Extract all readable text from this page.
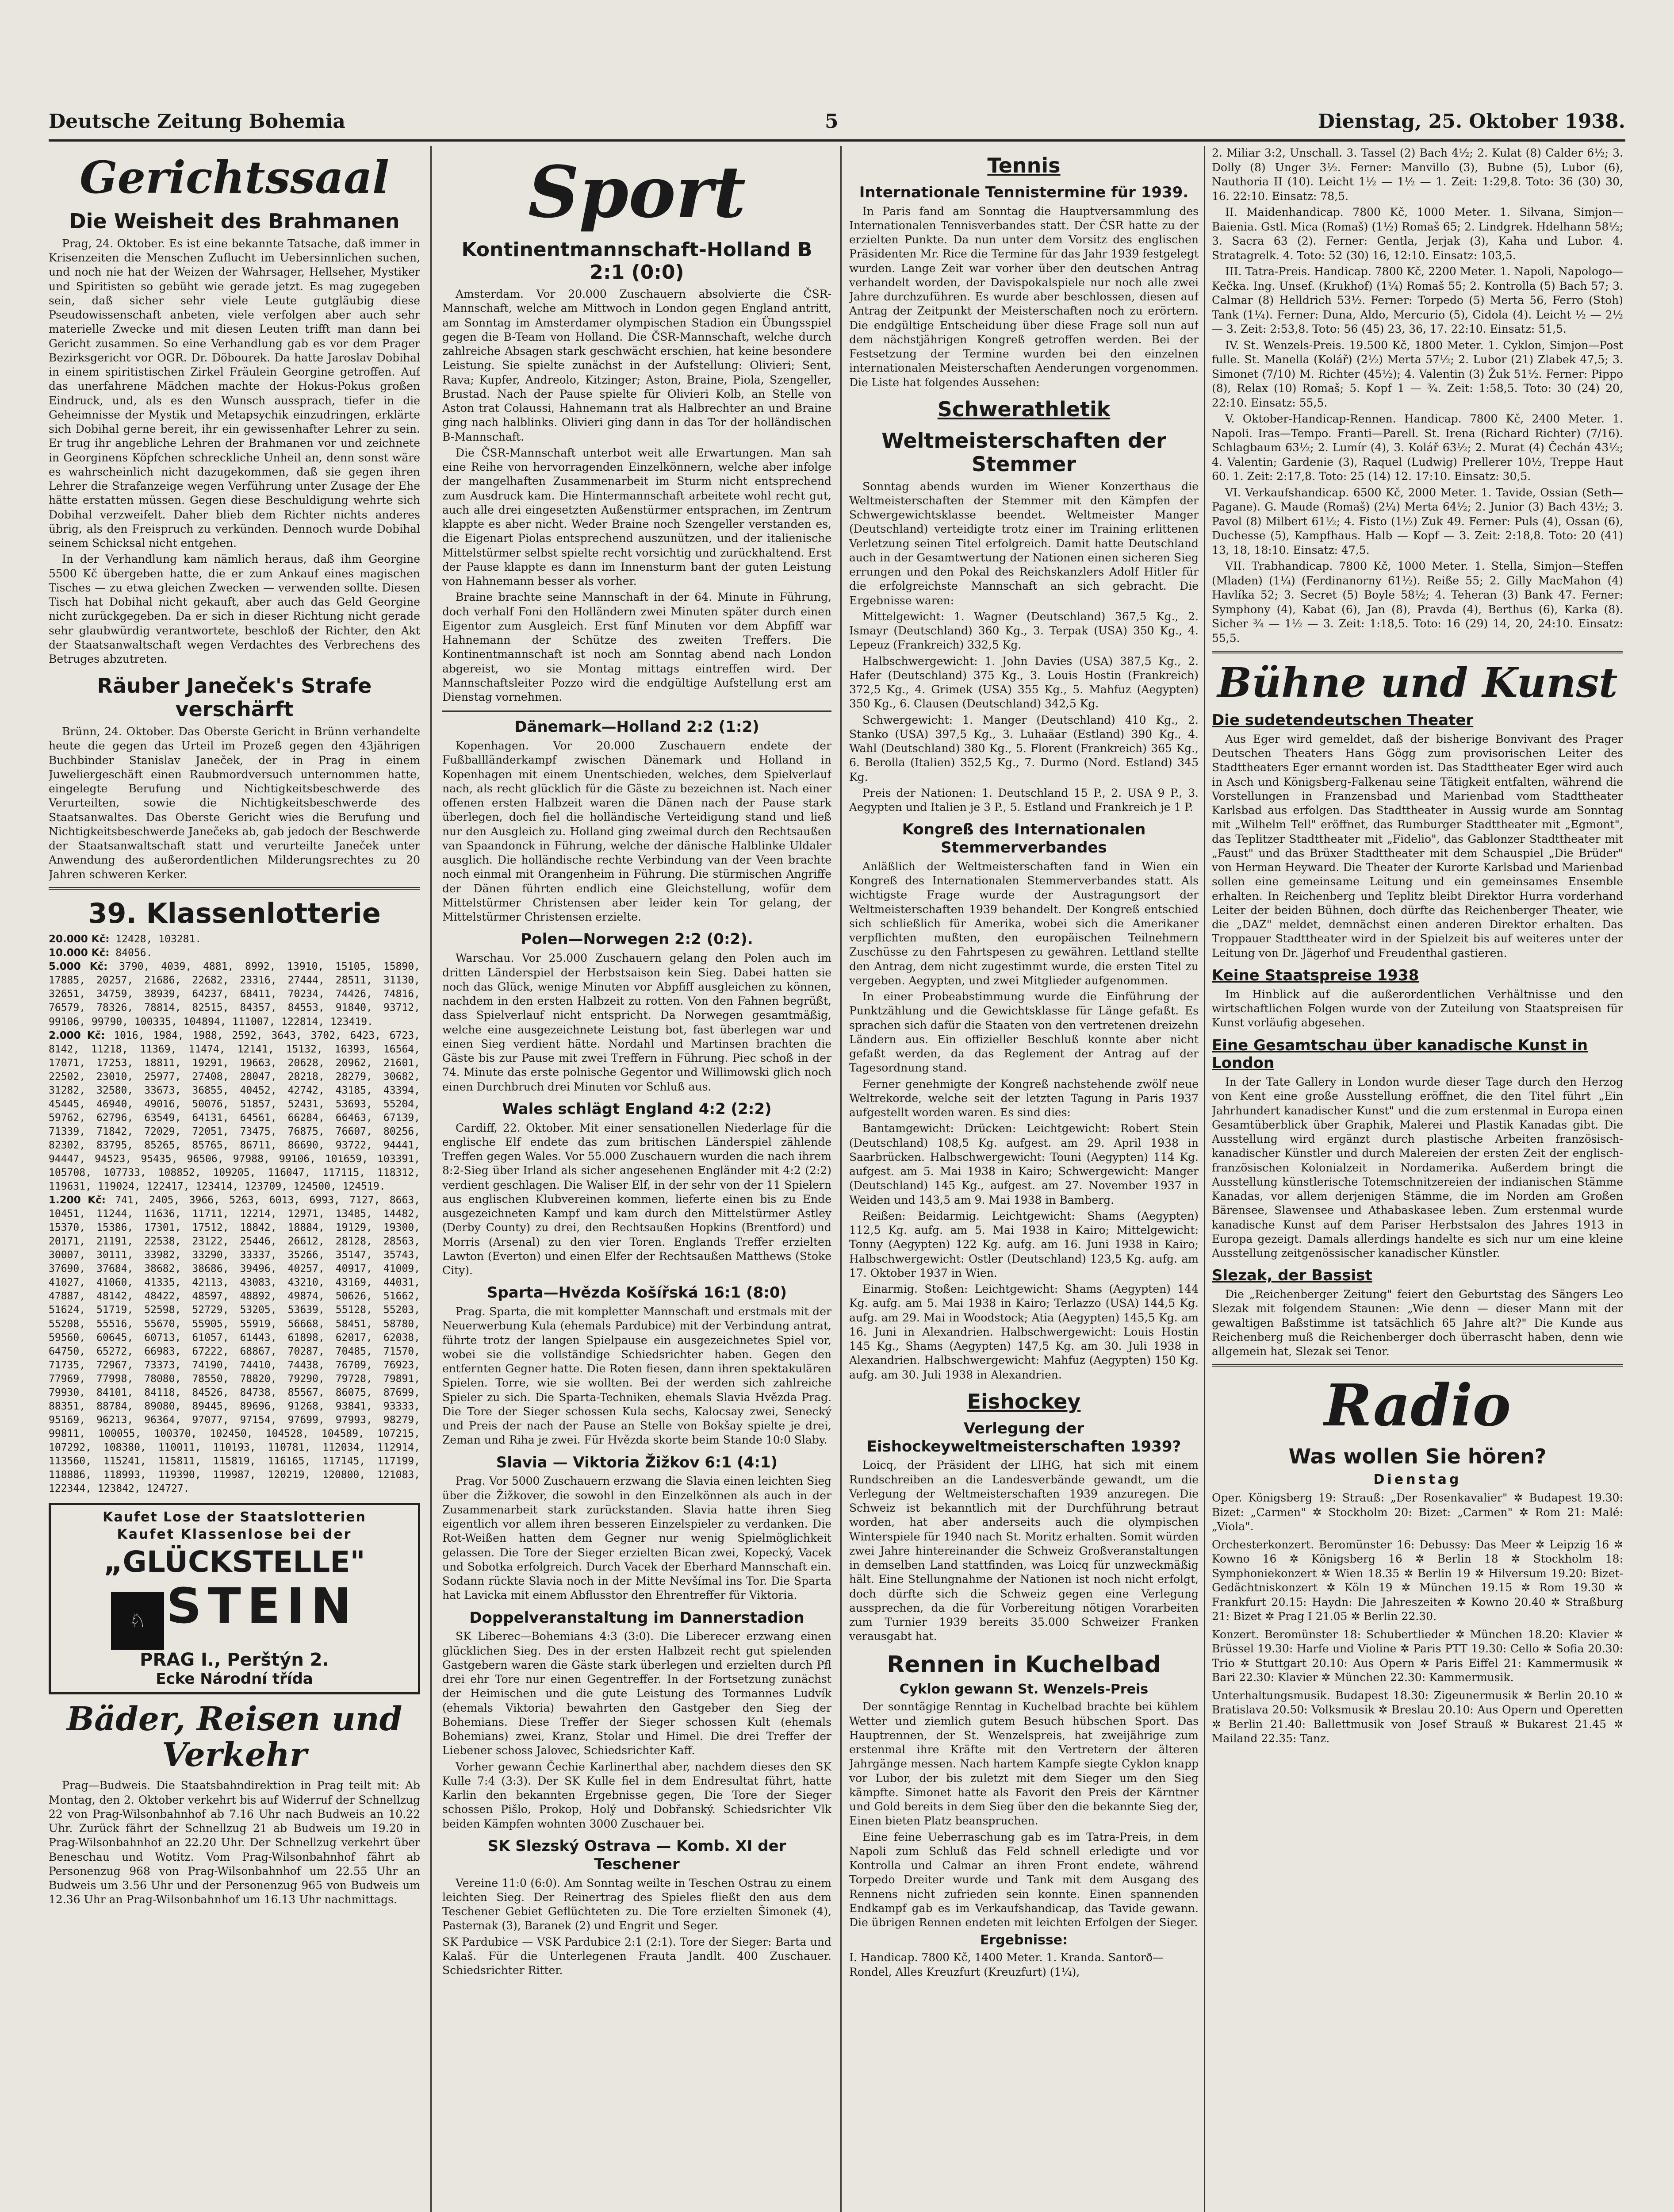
Deutsche Zeitung Bohemia	5	Dienstag, 25. Oktober 1938.
Gerichtssaal
Die Weisheit des Brahmanen

Prag, 24. Oktober. Es ist eine bekannte Tatsache, daß immer in Krisenzeiten die Menschen Zuflucht im Uebersinnlichen suchen, und noch nie hat der Weizen der Wahrsager, Hellseher, Mystiker und Spiritisten so gebüht wie gerade jetzt. Es mag zugegeben sein, daß sicher sehr viele Leute gutgläubig diese Pseudowissenschaft anbeten, viele verfolgen aber auch sehr materielle Zwecke und mit diesen Leuten trifft man dann bei Gericht zusammen. So eine Verhandlung gab es vor dem Prager Bezirksgericht vor OGR. Dr. Döbourek. Da hatte Jaroslav Dobihal in einem spiritistischen Zirkel Fräulein Georgine getroffen. Auf das unerfahrene Mädchen machte der Hokus-Pokus großen Eindruck, und, als es den Wunsch aussprach, tiefer in die Geheimnisse der Mystik und Metapsychik einzudringen, erklärte sich Dobihal gerne bereit, ihr ein gewissenhafter Lehrer zu sein. Er trug ihr angebliche Lehren der Brahmanen vor und zeichnete in Georginens Köpfchen schreckliche Unheil an, denn sonst wäre es wahrscheinlich nicht dazugekommen, daß sie gegen ihren Lehrer die Strafanzeige wegen Verführung unter Zusage der Ehe hätte erstatten müssen. Gegen diese Beschuldigung wehrte sich Dobihal verzweifelt. Daher blieb dem Richter nichts anderes übrig, als den Freispruch zu verkünden. Dennoch wurde Dobihal seinem Schicksal nicht entgehen.

In der Verhandlung kam nämlich heraus, daß ihm Georgine 5500 Kč übergeben hatte, die er zum Ankauf eines magischen Tisches — zu etwa gleichen Zwecken — verwenden sollte. Diesen Tisch hat Dobihal nicht gekauft, aber auch das Geld Georgine nicht zurückgegeben. Da er sich in dieser Richtung nicht gerade sehr glaubwürdig verantwortete, beschloß der Richter, den Akt der Staatsanwaltschaft wegen Verdachtes des Verbrechens des Betruges abzutreten.

Räuber Janeček's Strafe verschärft

Brünn, 24. Oktober. Das Oberste Gericht in Brünn verhandelte heute die gegen das Urteil im Prozeß gegen den 43jährigen Buchbinder Stanislav Janeček, der in Prag in einem Juweliergeschäft einen Raubmordversuch unternommen hatte, eingelegte Berufung und Nichtigkeitsbeschwerde des Verurteilten, sowie die Nichtigkeitsbeschwerde des Staatsanwaltes. Das Oberste Gericht wies die Berufung und Nichtigkeitsbeschwerde Janečeks ab, gab jedoch der Beschwerde der Staatsanwaltschaft statt und verurteilte Janeček unter Anwendung des außerordentlichen Milderungsrechtes zu 20 Jahren schweren Kerker.

39. Klassenlotterie
20.000 Kč: 12428, 103281.
10.000 Kč: 84056.
5.000 Kč: 3790, 4039, 4881, 8992, 13910, 15105, 15890, 17885, 20257, 21686, 22682, 23316, 27444, 28511, 31130, 32651, 34759, 38939, 64237, 68411, 70234, 74426, 74816, 76579, 78326, 78814, 82515, 84357, 84553, 91840, 93712, 99106, 99790, 100335, 104894, 111007, 122814, 123419.
2.000 Kč: 1016, 1984, 1988, 2592, 3643, 3702, 6423, 6723, 8142, 11218, 11369, 11474, 12141, 15132, 16393, 16564, 17071, 17253, 18811, 19291, 19663, 20628, 20962, 21601, 22502, 23010, 25977, 27408, 28047, 28218, 28279, 30682, 31282, 32580, 33673, 36855, 40452, 42742, 43185, 43394, 45445, 46940, 49016, 50076, 51857, 52431, 53693, 55204, 59762, 62796, 63549, 64131, 64561, 66284, 66463, 67139, 71339, 71842, 72029, 72051, 73475, 76875, 76607, 80256, 82302, 83795, 85265, 85765, 86711, 86690, 93722, 94441, 94447, 94523, 95435, 96506, 97988, 99106, 101659, 103391, 105708, 107733, 108852, 109205, 116047, 117115, 118312, 119631, 119024, 122417, 123414, 123709, 124500, 124519.
1.200 Kč: 741, 2405, 3966, 5263, 6013, 6993, 7127, 8663, 10451, 11244, 11636, 11711, 12214, 12971, 13485, 14482, 15370, 15386, 17301, 17512, 18842, 18884, 19129, 19300, 20171, 21191, 22538, 23122, 25446, 26612, 28128, 28563, 30007, 30111, 33982, 33290, 33337, 35266, 35147, 35743, 37690, 37684, 38682, 38686, 39496, 40257, 40917, 41009, 41027, 41060, 41335, 42113, 43083, 43210, 43169, 44031, 47887, 48142, 48422, 48597, 48892, 49874, 50626, 51662, 51624, 51719, 52598, 52729, 53205, 53639, 55128, 55203, 55208, 55516, 55670, 55905, 55919, 56668, 58451, 58780, 59560, 60645, 60713, 61057, 61443, 61898, 62017, 62038, 64750, 65272, 66983, 67222, 68867, 70287, 70485, 71570, 71735, 72967, 73373, 74190, 74410, 74438, 76709, 76923, 77969, 77998, 78080, 78550, 78820, 79290, 79728, 79891, 79930, 84101, 84118, 84526, 84738, 85567, 86075, 87699, 88351, 88784, 89080, 89445, 89696, 91268, 93841, 93333, 95169, 96213, 96364, 97077, 97154, 97699, 97993, 98279, 99811, 100055, 100370, 102450, 104528, 104589, 107215, 107292, 108380, 110011, 110193, 110781, 112034, 112914, 113560, 115241, 115811, 115819, 116165, 117145, 117199, 118886, 118993, 119390, 119987, 120219, 120800, 121083, 122344, 123842, 124727.
Kaufet Lose der Staatslotterien
Kaufet Klassenlose bei der
„GLÜCKSTELLE"
♘ STEIN
PRAG I., Perštýn 2.
Ecke Národní třída
Bäder, Reisen und Verkehr

Prag—Budweis. Die Staatsbahndirektion in Prag teilt mit: Ab Montag, den 2. Oktober verkehrt bis auf Widerruf der Schnellzug 22 von Prag-Wilsonbahnhof ab 7.16 Uhr nach Budweis an 10.22 Uhr. Zurück fährt der Schnellzug 21 ab Budweis um 19.20 in Prag-Wilsonbahnhof an 22.20 Uhr. Der Schnellzug verkehrt über Beneschau und Wotitz. Vom Prag-Wilsonbahnhof fährt ab Personenzug 968 von Prag-Wilsonbahnhof um 22.55 Uhr an Budweis um 3.56 Uhr und der Personenzug 965 von Budweis um 12.36 Uhr an Prag-Wilsonbahnhof um 16.13 Uhr nachmittags.

Sport
Kontinentmannschaft-Holland B 2:1 (0:0)

Amsterdam. Vor 20.000 Zuschauern absolvierte die ČSR-Mannschaft, welche am Mittwoch in London gegen England antritt, am Sonntag im Amsterdamer olympischen Stadion ein Übungsspiel gegen die B-Team von Holland. Die ČSR-Mannschaft, welche durch zahlreiche Absagen stark geschwächt erschien, hat keine besondere Leistung. Sie spielte zunächst in der Aufstellung: Olivieri; Sent, Rava; Kupfer, Andreolo, Kitzinger; Aston, Braine, Piola, Szengeller, Brustad. Nach der Pause spielte für Olivieri Kolb, an Stelle von Aston trat Colaussi, Hahnemann trat als Halbrechter an und Braine ging nach halblinks. Olivieri ging dann in das Tor der holländischen B-Mannschaft.

Die ČSR-Mannschaft unterbot weit alle Erwartungen. Man sah eine Reihe von hervorragenden Einzelkönnern, welche aber infolge der mangelhaften Zusammenarbeit im Sturm nicht entsprechend zum Ausdruck kam. Die Hintermannschaft arbeitete wohl recht gut, auch alle drei eingesetzten Außenstürmer entsprachen, im Zentrum klappte es aber nicht. Weder Braine noch Szengeller verstanden es, die Eigenart Piolas entsprechend auszunützen, und der italienische Mittelstürmer selbst spielte recht vorsichtig und zurückhaltend. Erst der Pause klappte es dann im Innensturm bant der guten Leistung von Hahnemann besser als vorher.

Braine brachte seine Mannschaft in der 64. Minute in Führung, doch verhalf Foni den Holländern zwei Minuten später durch einen Eigentor zum Ausgleich. Erst fünf Minuten vor dem Abpfiff war Hahnemann der Schütze des zweiten Treffers. Die Kontinentmannschaft ist noch am Sonntag abend nach London abgereist, wo sie Montag mittags eintreffen wird. Der Mannschaftsleiter Pozzo wird die endgültige Aufstellung erst am Dienstag vornehmen.

Dänemark—Holland 2:2 (1:2)

Kopenhagen. Vor 20.000 Zuschauern endete der Fußballländerkampf zwischen Dänemark und Holland in Kopenhagen mit einem Unentschieden, welches, dem Spielverlauf nach, als recht glücklich für die Gäste zu bezeichnen ist. Nach einer offenen ersten Halbzeit waren die Dänen nach der Pause stark überlegen, doch fiel die holländische Verteidigung stand und ließ nur den Ausgleich zu. Holland ging zweimal durch den Rechtsaußen van Spaandonck in Führung, welche der dänische Halblinke Uldaler ausglich. Die holländische rechte Verbindung van der Veen brachte noch einmal mit Orangenheim in Führung. Die stürmischen Angriffe der Dänen führten endlich eine Gleichstellung, wofür dem Mittelstürmer Christensen aber leider kein Tor gelang, der Mittelstürmer Christensen erzielte.

Polen—Norwegen 2:2 (0:2).

Warschau. Vor 25.000 Zuschauern gelang den Polen auch im dritten Länderspiel der Herbstsaison kein Sieg. Dabei hatten sie noch das Glück, wenige Minuten vor Abpfiff ausgleichen zu können, nachdem in den ersten Halbzeit zu rotten. Von den Fahnen begrüßt, dass Spielverlauf nicht entspricht. Da Norwegen gesamtmäßig, welche eine ausgezeichnete Leistung bot, fast überlegen war und einen Sieg verdient hätte. Nordahl und Martinsen brachten die Gäste bis zur Pause mit zwei Treffern in Führung. Piec schoß in der 74. Minute das erste polnische Gegentor und Willimowski glich noch einen Durchbruch drei Minuten vor Schluß aus.

Wales schlägt England 4:2 (2:2)

Cardiff, 22. Oktober. Mit einer sensationellen Niederlage für die englische Elf endete das zum britischen Länderspiel zählende Treffen gegen Wales. Vor 55.000 Zuschauern wurden die nach ihrem 8:2-Sieg über Irland als sicher angesehenen Engländer mit 4:2 (2:2) verdient geschlagen. Die Waliser Elf, in der sehr von der 11 Spielern aus englischen Klubvereinen kommen, lieferte einen bis zu Ende ausgezeichneten Kampf und kam durch den Mittelstürmer Astley (Derby County) zu drei, den Rechtsaußen Hopkins (Brentford) und Morris (Arsenal) zu den vier Toren. Englands Treffer erzielten Lawton (Everton) und einen Elfer der Rechtsaußen Matthews (Stoke City).

Sparta—Hvězda Košířská 16:1 (8:0)

Prag. Sparta, die mit kompletter Mannschaft und erstmals mit der Neuerwerbung Kula (ehemals Pardubice) mit der Verbindung antrat, führte trotz der langen Spielpause ein ausgezeichnetes Spiel vor, wobei sie die vollständige Schiedsrichter haben. Gegen den entfernten Gegner hatte. Die Roten fiesen, dann ihren spektakulären Spielen. Torre, wie sie wollten. Bei der werden sich zahlreiche Spieler zu sich. Die Sparta-Techniken, ehemals Slavia Hvězda Prag. Die Tore der Sieger schossen Kula sechs, Kalocsay zwei, Senecký und Preis der nach der Pause an Stelle von Bokšay spielte je drei, Zeman und Riha je zwei. Für Hvězda skorte beim Stande 10:0 Slaby.

Slavia — Viktoria Žižkov 6:1 (4:1)

Prag. Vor 5000 Zuschauern erzwang die Slavia einen leichten Sieg über die Žižkover, die sowohl in den Einzelkönnen als auch in der Zusammenarbeit stark zurückstanden. Slavia hatte ihren Sieg eigentlich vor allem ihren besseren Einzelspieler zu verdanken. Die Rot-Weißen hatten dem Gegner nur wenig Spielmöglichkeit gelassen. Die Tore der Sieger erzielten Bican zwei, Kopecký, Vacek und Sobotka erfolgreich. Durch Vacek der Eberhard Mannschaft ein. Sodann rückte Slavia noch in der Mitte Nevšímal ins Tor. Die Sparta hat Lavicka mit einem Abflusstor den Ehrentreffer für Viktoria.

Doppelveranstaltung im Dannerstadion

SK Liberec—Bohemians 4:3 (3:0). Die Liberecer erzwang einen glücklichen Sieg. Des in der ersten Halbzeit recht gut spielenden Gastgebern waren die Gäste stark überlegen und erzielten durch Pfl drei ehr Tore nur einen Gegentreffer. In der Fortsetzung zunächst der Heimischen und die gute Leistung des Tormannes Ludvík (ehemals Viktoria) bewahrten den Gastgeber den Sieg der Bohemians. Diese Treffer der Sieger schossen Kult (ehemals Bohemians) zwei, Kranz, Stolar und Himel. Die drei Treffer der Liebener schoss Jalovec, Schiedsrichter Kaff.

Vorher gewann Čechie Karlinerthal aber, nachdem dieses den SK Kulle 7:4 (3:3). Der SK Kulle fiel in dem Endresultat führt, hatte Karlin den bekannten Ergebnisse gegen, Die Tore der Sieger schossen Pišlo, Prokop, Holý und Dobřanský. Schiedsrichter Vlk beiden Kämpfen wohnten 3000 Zuschauer bei.

SK Slezský Ostrava — Komb. XI der Teschener

Vereine 11:0 (6:0). Am Sonntag weilte in Teschen Ostrau zu einem leichten Sieg. Der Reinertrag des Spieles fließt den aus dem Teschener Gebiet Geflüchteten zu. Die Tore erzielten Šimonek (4), Pasternak (3), Baranek (2) und Engrit und Seger.

SK Pardubice — VSK Pardubice 2:1 (2:1). Tore der Sieger: Barta und Kalaš. Für die Unterlegenen Frauta Jandlt. 400 Zuschauer. Schiedsrichter Ritter.

Tennis
Internationale Tennistermine für 1939.

In Paris fand am Sonntag die Hauptversammlung des Internationalen Tennisverbandes statt. Der ČSR hatte zu der erzielten Punkte. Da nun unter dem Vorsitz des englischen Präsidenten Mr. Rice die Termine für das Jahr 1939 festgelegt wurden. Lange Zeit war vorher über den deutschen Antrag verhandelt worden, der Davispokalspiele nur noch alle zwei Jahre durchzuführen. Es wurde aber beschlossen, diesen auf Antrag der Zeitpunkt der Meisterschaften noch zu erörtern. Die endgültige Entscheidung über diese Frage soll nun auf dem nächstjährigen Kongreß getroffen werden. Bei der Festsetzung der Termine wurden bei den einzelnen internationalen Meisterschaften Aenderungen vorgenommen. Die Liste hat folgendes Aussehen:

Schwerathletik
Weltmeisterschaften der Stemmer

Sonntag abends wurden im Wiener Konzerthaus die Weltmeisterschaften der Stemmer mit den Kämpfen der Schwergewichtsklasse beendet. Weltmeister Manger (Deutschland) verteidigte trotz einer im Training erlittenen Verletzung seinen Titel erfolgreich. Damit hatte Deutschland auch in der Gesamtwertung der Nationen einen sicheren Sieg errungen und den Pokal des Reichskanzlers Adolf Hitler für die erfolgreichste Mannschaft an sich gebracht. Die Ergebnisse waren:

Mittelgewicht: 1. Wagner (Deutschland) 367,5 Kg., 2. Ismayr (Deutschland) 360 Kg., 3. Terpak (USA) 350 Kg., 4. Lepeuz (Frankreich) 332,5 Kg.

Halbschwergewicht: 1. John Davies (USA) 387,5 Kg., 2. Hafer (Deutschland) 375 Kg., 3. Louis Hostin (Frankreich) 372,5 Kg., 4. Grimek (USA) 355 Kg., 5. Mahfuz (Aegypten) 350 Kg., 6. Clausen (Deutschland) 342,5 Kg.

Schwergewicht: 1. Manger (Deutschland) 410 Kg., 2. Stanko (USA) 397,5 Kg., 3. Luhaäar (Estland) 390 Kg., 4. Wahl (Deutschland) 380 Kg., 5. Florent (Frankreich) 365 Kg., 6. Berolla (Italien) 352,5 Kg., 7. Durmo (Nord. Estland) 345 Kg.

Preis der Nationen: 1. Deutschland 15 P., 2. USA 9 P., 3. Aegypten und Italien je 3 P., 5. Estland und Frankreich je 1 P.

Kongreß des Internationalen Stemmerverbandes

Anläßlich der Weltmeisterschaften fand in Wien ein Kongreß des Internationalen Stemmerverbandes statt. Als wichtigste Frage wurde der Austragungsort der Weltmeisterschaften 1939 behandelt. Der Kongreß entschied sich schließlich für Amerika, wobei sich die Amerikaner verpflichten mußten, den europäischen Teilnehmern Zuschüsse zu den Fahrtspesen zu gewähren. Lettland stellte den Antrag, dem nicht zugestimmt wurde, die ersten Titel zu vergeben. Aegypten, und zwei Mitglieder aufgenommen.

In einer Probeabstimmung wurde die Einführung der Punktzählung und die Gewichtsklasse für Länge gefaßt. Es sprachen sich dafür die Staaten von den vertretenen dreizehn Ländern aus. Ein offizieller Beschluß konnte aber nicht gefaßt werden, da das Reglement der Antrag auf der Tagesordnung stand.

Ferner genehmigte der Kongreß nachstehende zwölf neue Weltrekorde, welche seit der letzten Tagung in Paris 1937 aufgestellt worden waren. Es sind dies:

Bantamgewicht: Drücken: Leichtgewicht: Robert Stein (Deutschland) 108,5 Kg. aufgest. am 29. April 1938 in Saarbrücken. Halbschwergewicht: Touni (Aegypten) 114 Kg. aufgest. am 5. Mai 1938 in Kairo; Schwergewicht: Manger (Deutschland) 145 Kg., aufgest. am 27. November 1937 in Weiden und 143,5 am 9. Mai 1938 in Bamberg.

Reißen: Beidarmig. Leichtgewicht: Shams (Aegypten) 112,5 Kg. aufg. am 5. Mai 1938 in Kairo; Mittelgewicht: Tonny (Aegypten) 122 Kg. aufg. am 16. Juni 1938 in Kairo; Halbschwergewicht: Ostler (Deutschland) 123,5 Kg. aufg. am 17. Oktober 1937 in Wien.

Einarmig. Stoßen: Leichtgewicht: Shams (Aegypten) 144 Kg. aufg. am 5. Mai 1938 in Kairo; Terlazzo (USA) 144,5 Kg. aufg. am 29. Mai in Woodstock; Atia (Aegypten) 145,5 Kg. am 16. Juni in Alexandrien. Halbschwergewicht: Louis Hostin 145 Kg., Shams (Aegypten) 147,5 Kg. am 30. Juli 1938 in Alexandrien. Halbschwergewicht: Mahfuz (Aegypten) 150 Kg. aufg. am 30. Juli 1938 in Alexandrien.

Eishockey
Verlegung der Eishockeyweltmeisterschaften 1939?

Loicq, der Präsident der LIHG, hat sich mit einem Rundschreiben an die Landesverbände gewandt, um die Verlegung der Weltmeisterschaften 1939 anzuregen. Die Schweiz ist bekanntlich mit der Durchführung betraut worden, hat aber anderseits auch die olympischen Winterspiele für 1940 nach St. Moritz erhalten. Somit würden zwei Jahre hintereinander die Schweiz Großveranstaltungen in demselben Land stattfinden, was Loicq für unzweckmäßig hält. Eine Stellungnahme der Nationen ist noch nicht erfolgt, doch dürfte sich die Schweiz gegen eine Verlegung aussprechen, da die für Vorbereitung nötigen Vorarbeiten zum Turnier 1939 bereits 35.000 Schweizer Franken verausgabt hat.

Rennen in Kuchelbad
Cyklon gewann St. Wenzels-Preis

Der sonntägige Renntag in Kuchelbad brachte bei kühlem Wetter und ziemlich gutem Besuch hübschen Sport. Das Hauptrennen, der St. Wenzelspreis, hat zweijährige zum erstenmal ihre Kräfte mit den Vertretern der älteren Jahrgänge messen. Nach hartem Kampfe siegte Cyklon knapp vor Lubor, der bis zuletzt mit dem Sieger um den Sieg kämpfte. Simonet hatte als Favorit den Preis der Kärntner und Gold bereits in dem Sieg über den die bekannte Sieg der, Einen bieten Platz beanspruchen.

Eine feine Ueberraschung gab es im Tatra-Preis, in dem Napoli zum Schluß das Feld schnell erledigte und vor Kontrolla und Calmar an ihren Front endete, während Torpedo Dreiter wurde und Tank mit dem Ausgang des Rennens nicht zufrieden sein konnte. Einen spannenden Endkampf gab es im Verkaufshandicap, das Tavide gewann. Die übrigen Rennen endeten mit leichten Erfolgen der Sieger.

Ergebnisse:

I. Handicap. 7800 Kč, 1400 Meter. 1. Kranda. Santorð—Rondel, Alles Kreuzfurt (Kreuzfurt) (1¼),

2. Miliar 3:2, Unschall. 3. Tassel (2) Bach 4½; 2. Kulat (8) Calder 6½; 3. Dolly (8) Unger 3½. Ferner: Manvillo (3), Bubne (5), Lubor (6), Nauthoria II (10). Leicht 1½ — 1½ — 1. Zeit: 1:29,8. Toto: 36 (30) 30, 16. 22:10. Einsatz: 78,5.

II. Maidenhandicap. 7800 Kč, 1000 Meter. 1. Silvana, Simjon—Baienia. Gstl. Mica (Romaš) (1½) Romaš 65; 2. Lindgrek. Hdelhann 58½; 3. Sacra 63 (2). Ferner: Gentla, Jerjak (3), Kaha und Lubor. 4. Stratagrelk. 4. Toto: 52 (30) 16, 12:10. Einsatz: 103,5.

III. Tatra-Preis. Handicap. 7800 Kč, 2200 Meter. 1. Napoli, Napologo—Kečka. Ing. Unsef. (Krukhof) (1¼) Romaš 55; 2. Kontrolla (5) Bach 57; 3. Calmar (8) Helldrich 53½. Ferner: Torpedo (5) Merta 56, Ferro (Stoh) Tank (1¼). Ferner: Duna, Aldo, Mercurio (5), Cidola (4). Leicht ½ — 2½ — 3. Zeit: 2:53,8. Toto: 56 (45) 23, 36, 17. 22:10. Einsatz: 51,5.

IV. St. Wenzels-Preis. 19.500 Kč, 1800 Meter. 1. Cyklon, Simjon—Post fulle. St. Manella (Kolář) (2½) Merta 57½; 2. Lubor (21) Zlabek 47,5; 3. Simonet (7/10) M. Richter (45½); 4. Valentin (3) Žuk 51½. Ferner: Pippo (8), Relax (10) Romaš; 5. Kopf 1 — ¾. Zeit: 1:58,5. Toto: 30 (24) 20, 22:10. Einsatz: 55,5.

V. Oktober-Handicap-Rennen. Handicap. 7800 Kč, 2400 Meter. 1. Napoli. Iras—Tempo. Franti—Parell. St. Irena (Richard Richter) (7/16). Schlagbaum 63½; 2. Lumír (4), 3. Kolář 63½; 2. Murat (4) Čechán 43½; 4. Valentin; Gardenie (3), Raquel (Ludwig) Prellerer 10½, Treppe Haut 60. 1. Zeit: 2:17,8. Toto: 25 (14) 12. 17:10. Einsatz: 30,5.

VI. Verkaufshandicap. 6500 Kč, 2000 Meter. 1. Tavide, Ossian (Seth—Pagane). G. Maude (Romaš) (2¼) Merta 64½; 2. Junior (3) Bach 43½; 3. Pavol (8) Milbert 61½; 4. Fisto (1½) Zuk 49. Ferner: Puls (4), Ossan (6), Duchesse (5), Kampfhaus. Halb — Kopf — 3. Zeit: 2:18,8. Toto: 20 (41) 13, 18, 18:10. Einsatz: 47,5.

VII. Trabhandicap. 7800 Kč, 1000 Meter. 1. Stella, Simjon—Steffen (Mladen) (1¼) (Ferdinanorny 61½). Reiße 55; 2. Gilly MacMahon (4) Havlíka 52; 3. Secret (5) Boyle 58½; 4. Teheran (3) Bank 47. Ferner: Symphony (4), Kabat (6), Jan (8), Pravda (4), Berthus (6), Karka (8). Sicher ¾ — 1½ — 3. Zeit: 1:18,5. Toto: 16 (29) 14, 20, 24:10. Einsatz: 55,5.

Bühne und Kunst
Die sudetendeutschen Theater

Aus Eger wird gemeldet, daß der bisherige Bonvivant des Prager Deutschen Theaters Hans Gögg zum provisorischen Leiter des Stadttheaters Eger ernannt worden ist. Das Stadttheater Eger wird auch in Asch und Königsberg-Falkenau seine Tätigkeit entfalten, während die Vorstellungen in Franzensbad und Marienbad vom Stadttheater Karlsbad aus erfolgen. Das Stadttheater in Aussig wurde am Sonntag mit „Wilhelm Tell" eröffnet, das Rumburger Stadttheater mit „Egmont", das Teplitzer Stadttheater mit „Fidelio", das Gablonzer Stadttheater mit „Faust" und das Brüxer Stadttheater mit dem Schauspiel „Die Brüder" von Herman Heyward. Die Theater der Kurorte Karlsbad und Marienbad sollen eine gemeinsame Leitung und ein gemeinsames Ensemble erhalten. In Reichenberg und Teplitz bleibt Direktor Hurra vorderhand Leiter der beiden Bühnen, doch dürfte das Reichenberger Theater, wie die „DAZ" meldet, demnächst einen anderen Direktor erhalten. Das Troppauer Stadttheater wird in der Spielzeit bis auf weiteres unter der Leitung von Dr. Jägerhof und Freudenthal gastieren.

Keine Staatspreise 1938

Im Hinblick auf die außerordentlichen Verhältnisse und den wirtschaftlichen Folgen wurde von der Zuteilung von Staatspreisen für Kunst vorläufig abgesehen.

Eine Gesamtschau über kanadische Kunst in London

In der Tate Gallery in London wurde dieser Tage durch den Herzog von Kent eine große Ausstellung eröffnet, die den Titel führt „Ein Jahrhundert kanadischer Kunst" und die zum erstenmal in Europa einen Gesamtüberblick über Graphik, Malerei und Plastik Kanadas gibt. Die Ausstellung wird ergänzt durch plastische Arbeiten französisch-kanadischer Künstler und durch Malereien der ersten Zeit der englisch-französischen Kolonialzeit in Nordamerika. Außerdem bringt die Ausstellung künstlerische Totemschnitzereien der indianischen Stämme Kanadas, vor allem derjenigen Stämme, die im Norden am Großen Bärensee, Slawensee und Athabaskasee leben. Zum erstenmal wurde kanadische Kunst auf dem Pariser Herbstsalon des Jahres 1913 in Europa gezeigt. Damals allerdings handelte es sich nur um eine kleine Ausstellung zeitgenössischer kanadischer Künstler.

Slezak, der Bassist

Die „Reichenberger Zeitung" feiert den Geburtstag des Sängers Leo Slezak mit folgendem Staunen: „Wie denn — dieser Mann mit der gewaltigen Baßstimme ist tatsächlich 65 Jahre alt?" Die Kunde aus Reichenberg muß die Reichenberger doch überrascht haben, denn wie allgemein hat, Slezak sei Tenor.

Radio
Was wollen Sie hören?
Dienstag
Oper. Königsberg 19: Strauß: „Der Rosenkavalier" ✲ Budapest 19.30: Bizet: „Carmen" ✲ Stockholm 20: Bizet: „Carmen" ✲ Rom 21: Malé: „Viola".
Orchesterkonzert. Beromünster 16: Debussy: Das Meer ✲ Leipzig 16 ✲ Kowno 16 ✲ Königsberg 16 ✲ Berlin 18 ✲ Stockholm 18: Symphoniekonzert ✲ Wien 18.35 ✲ Berlin 19 ✲ Hilversum 19.20: Bizet-Gedächtniskonzert ✲ Köln 19 ✲ München 19.15 ✲ Rom 19.30 ✲ Frankfurt 20.15: Haydn: Die Jahreszeiten ✲ Kowno 20.40 ✲ Straßburg 21: Bizet ✲ Prag I 21.05 ✲ Berlin 22.30.
Konzert. Beromünster 18: Schubertlieder ✲ München 18.20: Klavier ✲ Brüssel 19.30: Harfe und Violine ✲ Paris PTT 19.30: Cello ✲ Sofia 20.30: Trio ✲ Stuttgart 20.10: Aus Opern ✲ Paris Eiffel 21: Kammermusik ✲ Bari 22.30: Klavier ✲ München 22.30: Kammermusik.
Unterhaltungsmusik. Budapest 18.30: Zigeunermusik ✲ Berlin 20.10 ✲ Bratislava 20.50: Volksmusik ✲ Breslau 20.10: Aus Opern und Operetten ✲ Berlin 21.40: Ballettmusik von Josef Strauß ✲ Bukarest 21.45 ✲ Mailand 22.35: Tanz.
